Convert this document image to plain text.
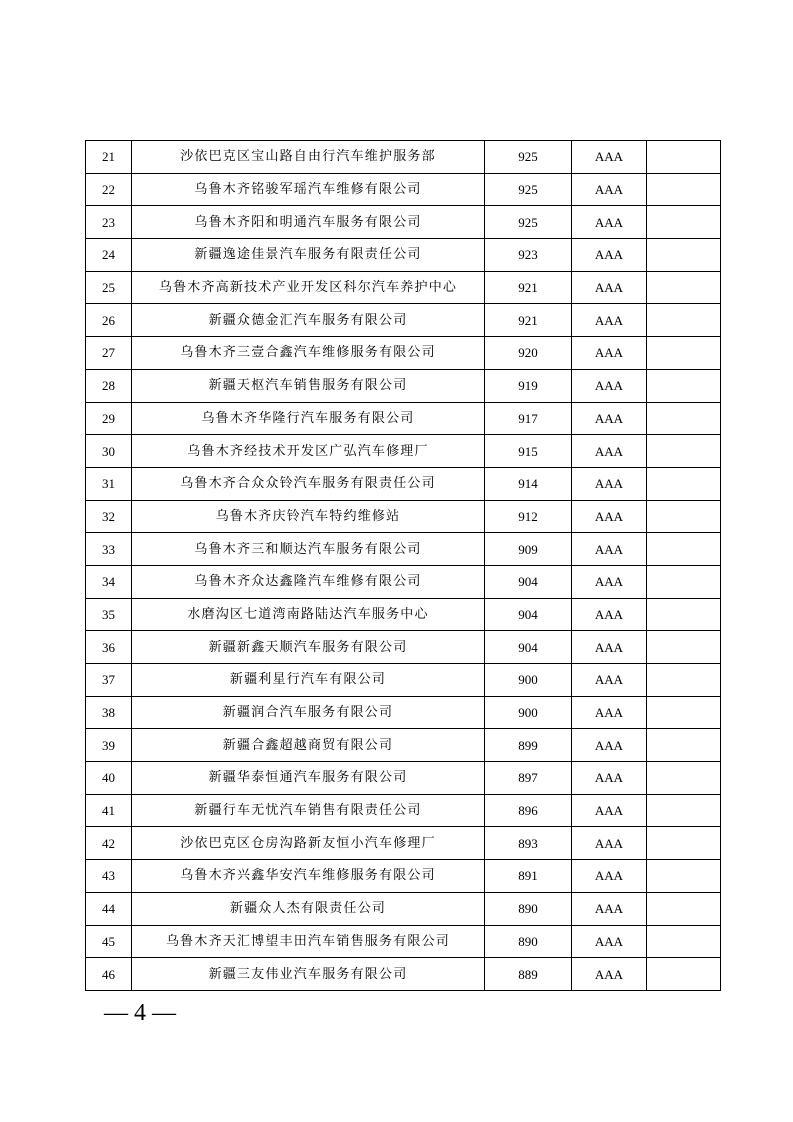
21	沙依巴克区宝山路自由行汽车维护服务部	925	AAA	
22	乌鲁木齐铭骏军瑶汽车维修有限公司	925	AAA	
23	乌鲁木齐阳和明通汽车服务有限公司	925	AAA	
24	新疆逸途佳景汽车服务有限责任公司	923	AAA	
25	乌鲁木齐高新技术产业开发区科尔汽车养护中心	921	AAA	
26	新疆众德金汇汽车服务有限公司	921	AAA	
27	乌鲁木齐三壹合鑫汽车维修服务有限公司	920	AAA	
28	新疆天枢汽车销售服务有限公司	919	AAA	
29	乌鲁木齐华隆行汽车服务有限公司	917	AAA	
30	乌鲁木齐经技术开发区广弘汽车修理厂	915	AAA	
31	乌鲁木齐合众众铃汽车服务有限责任公司	914	AAA	
32	乌鲁木齐庆铃汽车特约维修站	912	AAA	
33	乌鲁木齐三和顺达汽车服务有限公司	909	AAA	
34	乌鲁木齐众达鑫隆汽车维修有限公司	904	AAA	
35	水磨沟区七道湾南路陆达汽车服务中心	904	AAA	
36	新疆新鑫天顺汽车服务有限公司	904	AAA	
37	新疆利星行汽车有限公司	900	AAA	
38	新疆润合汽车服务有限公司	900	AAA	
39	新疆合鑫超越商贸有限公司	899	AAA	
40	新疆华泰恒通汽车服务有限公司	897	AAA	
41	新疆行车无忧汽车销售有限责任公司	896	AAA	
42	沙依巴克区仓房沟路新友恒小汽车修理厂	893	AAA	
43	乌鲁木齐兴鑫华安汽车维修服务有限公司	891	AAA	
44	新疆众人杰有限责任公司	890	AAA	
45	乌鲁木齐天汇博望丰田汽车销售服务有限公司	890	AAA	
46	新疆三友伟业汽车服务有限公司	889	AAA	
— 4 —
